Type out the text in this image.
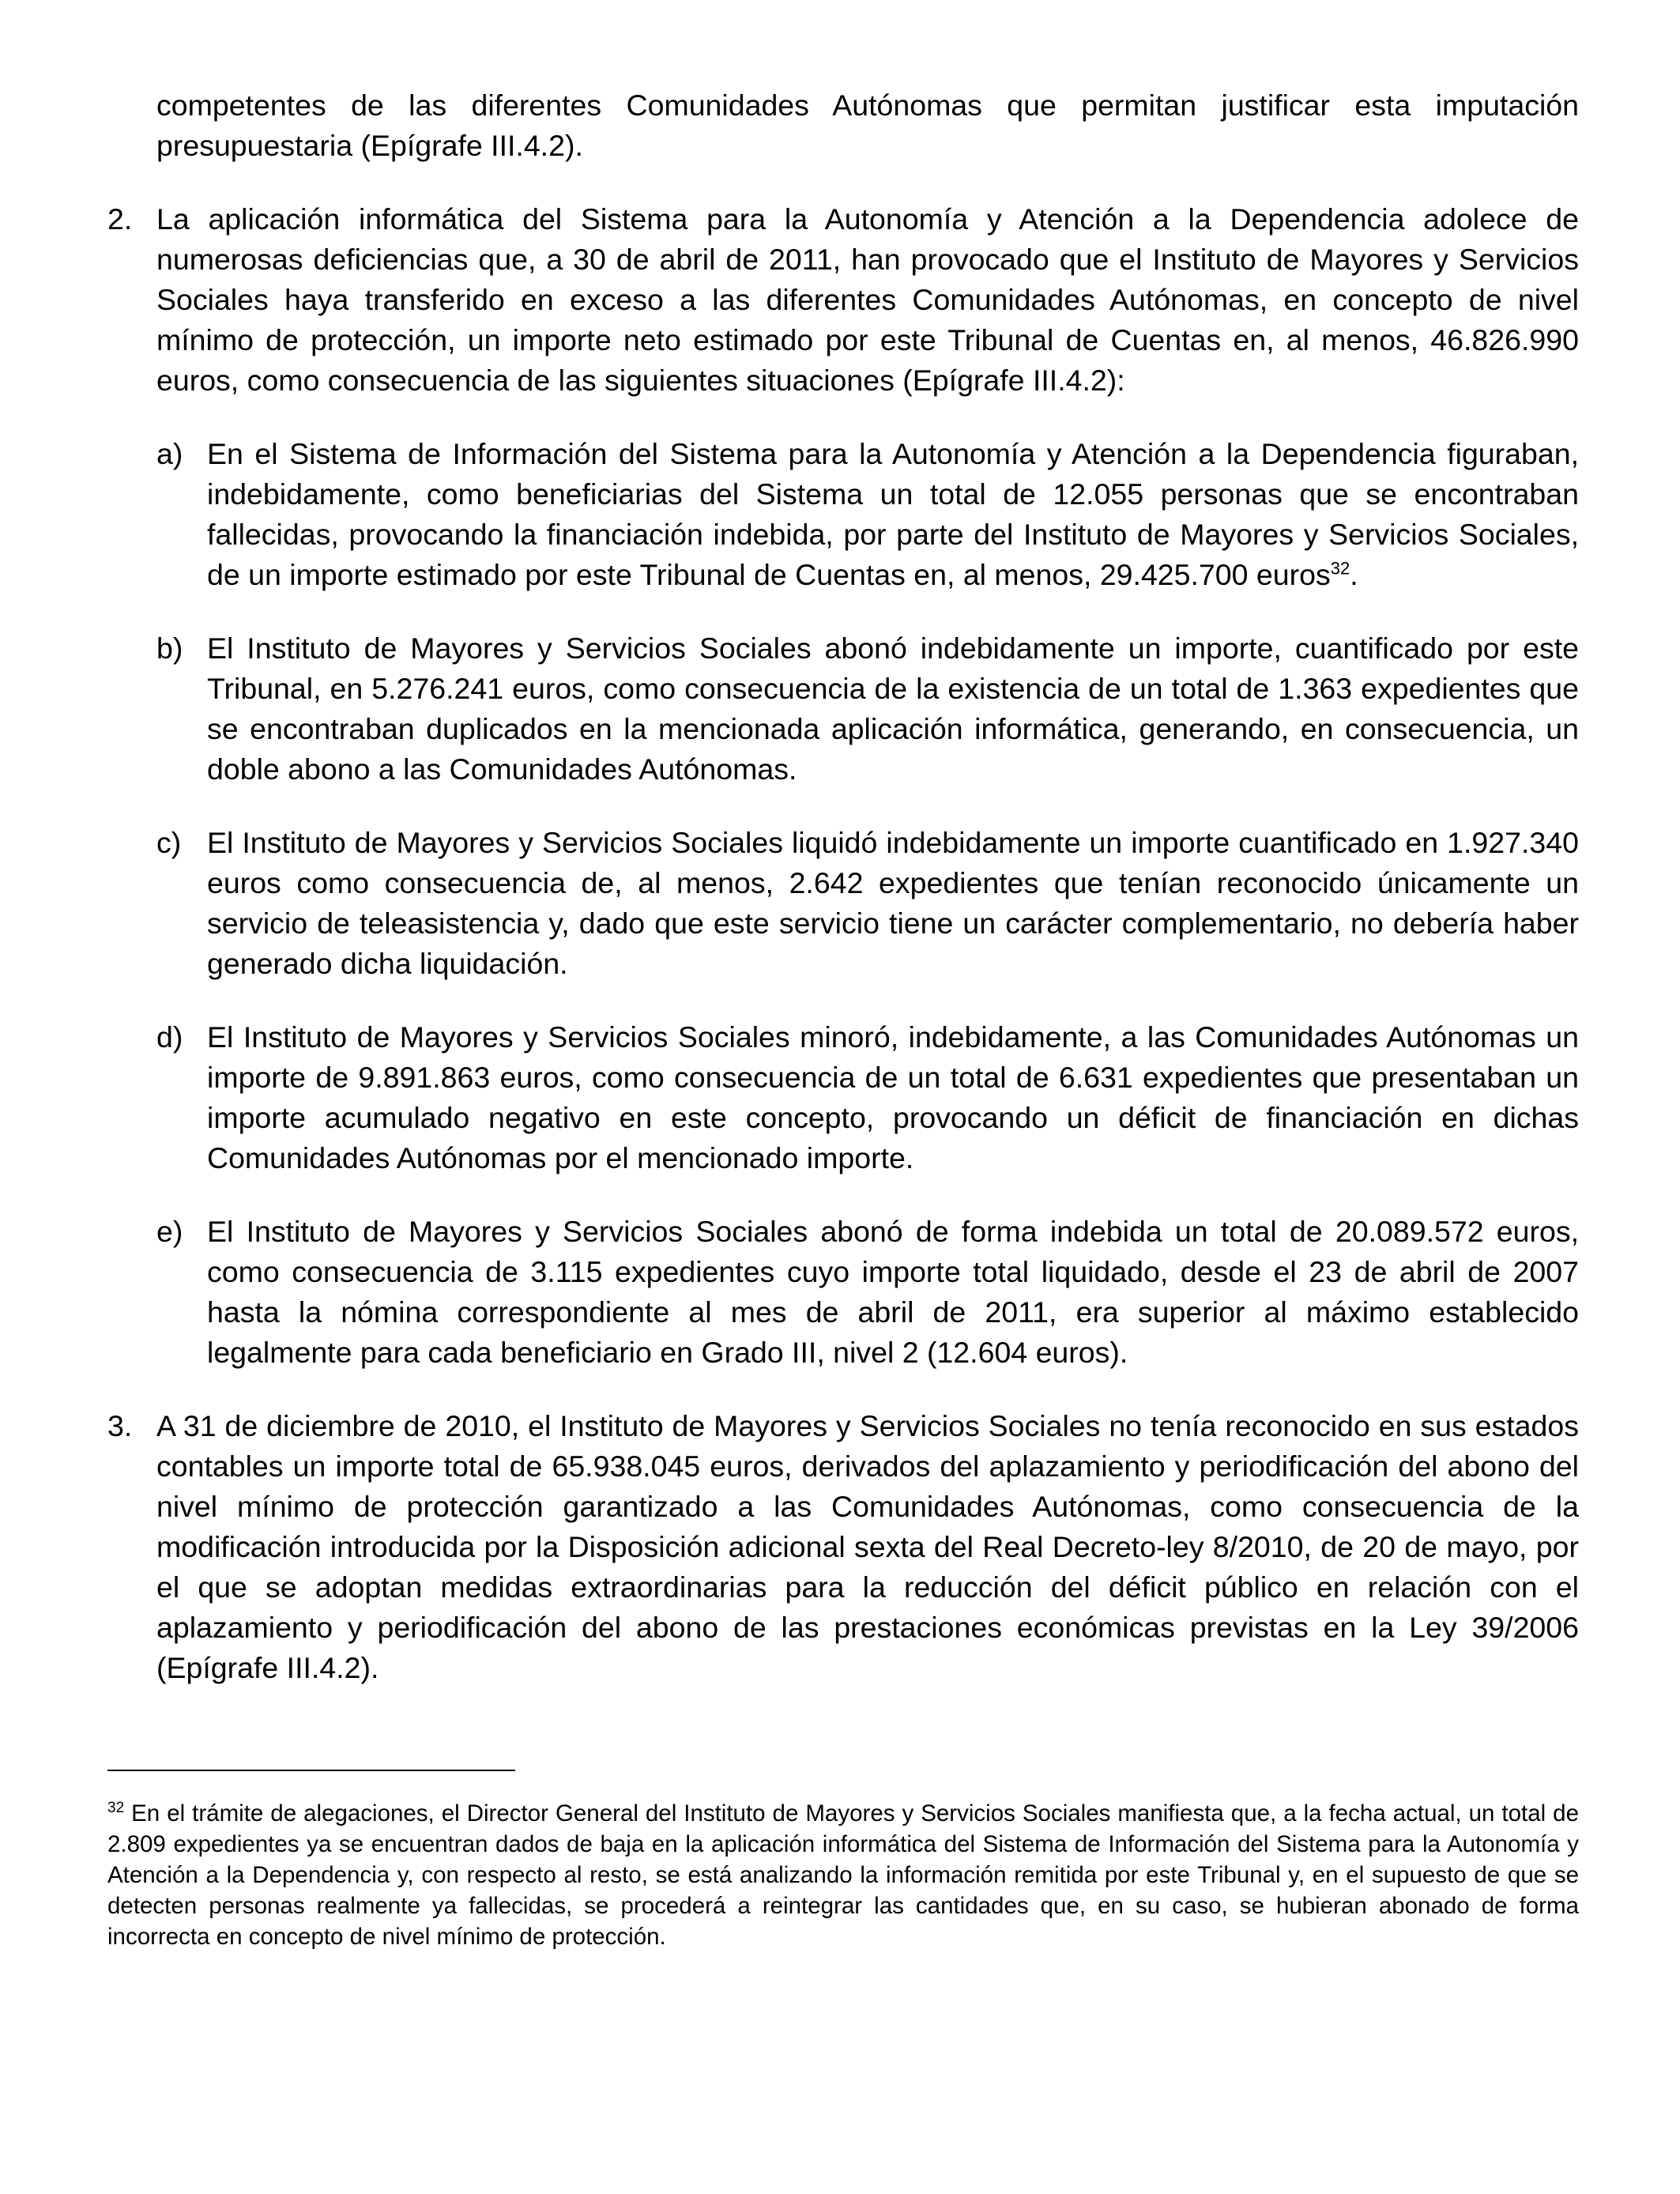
competentes de las diferentes Comunidades Autónomas que permitan justificar esta imputación presupuestaria (Epígrafe III.4.2).

2. La aplicación informática del Sistema para la Autonomía y Atención a la Dependencia adolece de numerosas deficiencias que, a 30 de abril de 2011, han provocado que el Instituto de Mayores y Servicios Sociales haya transferido en exceso a las diferentes Comunidades Autónomas, en concepto de nivel mínimo de protección, un importe neto estimado por este Tribunal de Cuentas en, al menos, 46.826.990 euros, como consecuencia de las siguientes situaciones (Epígrafe III.4.2):
a) En el Sistema de Información del Sistema para la Autonomía y Atención a la Dependencia figuraban, indebidamente, como beneficiarias del Sistema un total de 12.055 personas que se encontraban fallecidas, provocando la financiación indebida, por parte del Instituto de Mayores y Servicios Sociales, de un importe estimado por este Tribunal de Cuentas en, al menos, 29.425.700 euros$^{32}$.
b) El Instituto de Mayores y Servicios Sociales abonó indebidamente un importe, cuantificado por este Tribunal, en 5.276.241 euros, como consecuencia de la existencia de un total de 1.363 expedientes que se encontraban duplicados en la mencionada aplicación informática, generando, en consecuencia, un doble abono a las Comunidades Autónomas.
c) El Instituto de Mayores y Servicios Sociales liquidó indebidamente un importe cuantificado en 1.927.340 euros como consecuencia de, al menos, 2.642 expedientes que tenían reconocido únicamente un servicio de teleasistencia y, dado que este servicio tiene un carácter complementario, no debería haber generado dicha liquidación.
d) El Instituto de Mayores y Servicios Sociales minoró, indebidamente, a las Comunidades Autónomas un importe de 9.891.863 euros, como consecuencia de un total de 6.631 expedientes que presentaban un importe acumulado negativo en este concepto, provocando un déficit de financiación en dichas Comunidades Autónomas por el mencionado importe.
e) El Instituto de Mayores y Servicios Sociales abonó de forma indebida un total de 20.089.572 euros, como consecuencia de 3.115 expedientes cuyo importe total liquidado, desde el 23 de abril de 2007 hasta la nómina correspondiente al mes de abril de 2011, era superior al máximo establecido legalmente para cada beneficiario en Grado III, nivel 2 (12.604 euros).
3. A 31 de diciembre de 2010, el Instituto de Mayores y Servicios Sociales no tenía reconocido en sus estados contables un importe total de 65.938.045 euros, derivados del aplazamiento y periodificación del abono del nivel mínimo de protección garantizado a las Comunidades Autónomas, como consecuencia de la modificación introducida por la Disposición adicional sexta del Real Decreto-ley 8/2010, de 20 de mayo, por el que se adoptan medidas extraordinarias para la reducción del déficit público en relación con el aplazamiento y periodificación del abono de las prestaciones económicas previstas en la Ley 39/2006 (Epígrafe III.4.2).
$^{32}$ En el trámite de alegaciones, el Director General del Instituto de Mayores y Servicios Sociales manifiesta que, a la fecha actual, un total de 2.809 expedientes ya se encuentran dados de baja en la aplicación informática del Sistema de Información del Sistema para la Autonomía y Atención a la Dependencia y, con respecto al resto, se está analizando la información remitida por este Tribunal y, en el supuesto de que se detecten personas realmente ya fallecidas, se procederá a reintegrar las cantidades que, en su caso, se hubieran abonado de forma incorrecta en concepto de nivel mínimo de protección.
